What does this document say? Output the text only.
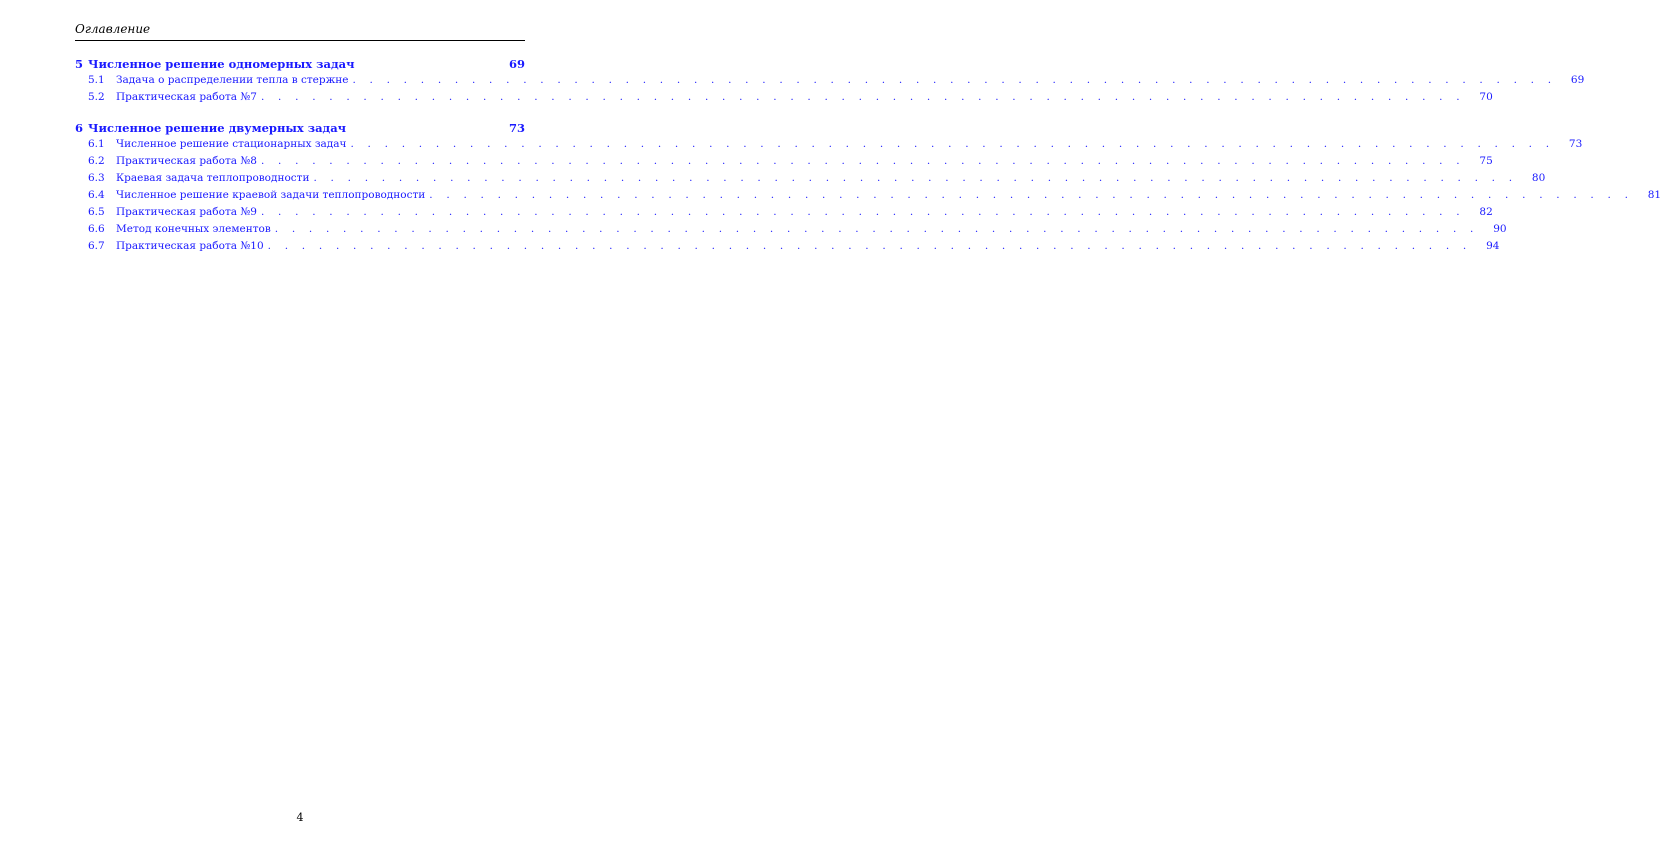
Оглавление
5 Численное решение одномерных задач	69
5.1	Задача о распределении тепла в стержне . . . . . . . . . . . . . . . . . . . . . . . . . . . . . . . . . . . . . . . . . . . . . . . . . . . . . . . . . . . . . . . . . . . . . . .	69
5.2	Практическая работа №7 . . . . . . . . . . . . . . . . . . . . . . . . . . . . . . . . . . . . . . . . . . . . . . . . . . . . . . . . . . . . . . . . . . . . . . .	70
6 Численное решение двумерных задач	73
6.1	Численное решение стационарных задач . . . . . . . . . . . . . . . . . . . . . . . . . . . . . . . . . . . . . . . . . . . . . . . . . . . . . . . . . . . . . . . . . . . . . . .	73
6.2	Практическая работа №8 . . . . . . . . . . . . . . . . . . . . . . . . . . . . . . . . . . . . . . . . . . . . . . . . . . . . . . . . . . . . . . . . . . . . . . .	75
6.3	Краевая задача теплопроводности . . . . . . . . . . . . . . . . . . . . . . . . . . . . . . . . . . . . . . . . . . . . . . . . . . . . . . . . . . . . . . . . . . . . . . .	80
6.4	Численное решение краевой задачи теплопроводности . . . . . . . . . . . . . . . . . . . . . . . . . . . . . . . . . . . . . . . . . . . . . . . . . . . . . . . . . . . . . . . . . . . . . . .	81
6.5	Практическая работа №9 . . . . . . . . . . . . . . . . . . . . . . . . . . . . . . . . . . . . . . . . . . . . . . . . . . . . . . . . . . . . . . . . . . . . . . .	82
6.6	Метод конечных элементов . . . . . . . . . . . . . . . . . . . . . . . . . . . . . . . . . . . . . . . . . . . . . . . . . . . . . . . . . . . . . . . . . . . . . . .	90
6.7	Практическая работа №10 . . . . . . . . . . . . . . . . . . . . . . . . . . . . . . . . . . . . . . . . . . . . . . . . . . . . . . . . . . . . . . . . . . . . . . .	94
4
